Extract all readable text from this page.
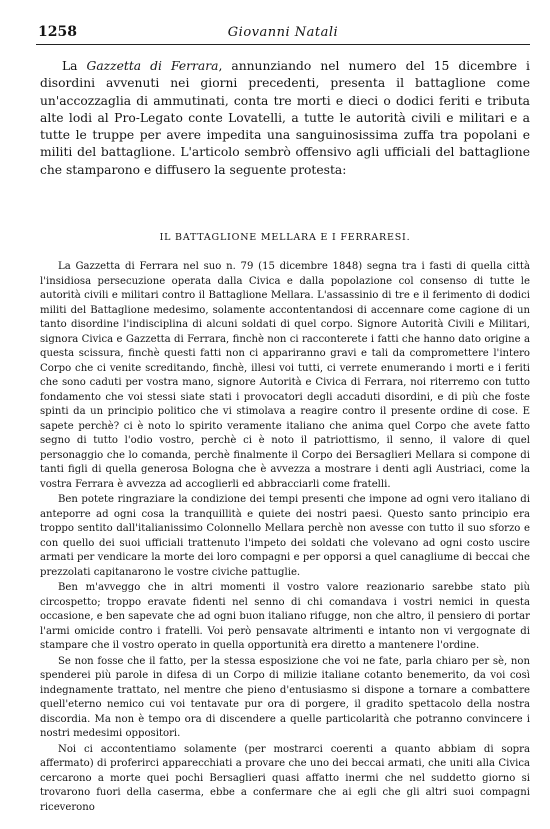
1258	Giovanni Natali

La Gazzetta di Ferrara, annunziando nel numero del 15 dicembre i disordini avvenuti nei giorni precedenti, presenta il battaglione come un'accozzaglia di ammutinati, conta tre morti e dieci o dodici feriti e tributa alte lodi al Pro-Legato conte Lovatelli, a tutte le autorità civili e militari e a tutte le truppe per avere impedita una sanguinosissima zuffa tra popolani e militi del battaglione. L'articolo sembrò offensivo agli ufficiali del battaglione che stamparono e diffusero la seguente protesta:

IL BATTAGLIONE MELLARA E I FERRARESI.

La Gazzetta di Ferrara nel suo n. 79 (15 dicembre 1848) segna tra i fasti di quella città l'insidiosa persecuzione operata dalla Civica e dalla popolazione col consenso di tutte le autorità civili e militari contro il Battaglione Mellara. L'assassinio di tre e il ferimento di dodici militi del Battaglione medesimo, solamente accontentandosi di accennare come cagione di un tanto disordine l'indisciplina di alcuni soldati di quel corpo. Signore Autorità Civili e Militari, signora Civica e Gazzetta di Ferrara, finchè non ci racconterete i fatti che hanno dato origine a questa scissura, finchè questi fatti non ci appariranno gravi e tali da compromettere l'intero Corpo che ci venite screditando, finchè, illesi voi tutti, ci verrete enumerando i morti e i feriti che sono caduti per vostra mano, signore Autorità e Civica di Ferrara, noi riterremo con tutto fondamento che voi stessi siate stati i provocatori degli accaduti disordini, e di più che foste spinti da un principio politico che vi stimolava a reagire contro il presente ordine di cose. E sapete perchè? ci è noto lo spirito veramente italiano che anima quel Corpo che avete fatto segno di tutto l'odio vostro, perchè ci è noto il patriottismo, il senno, il valore di quel personaggio che lo comanda, perchè finalmente il Corpo dei Bersaglieri Mellara si compone di tanti figli di quella generosa Bologna che è avvezza a mostrare i denti agli Austriaci, come la vostra Ferrara è avvezza ad accoglierli ed abbracciarli come fratelli.

Ben potete ringraziare la condizione dei tempi presenti che impone ad ogni vero italiano di anteporre ad ogni cosa la tranquillità e quiete dei nostri paesi. Questo santo principio era troppo sentito dall'italianissimo Colonnello Mellara perchè non avesse con tutto il suo sforzo e con quello dei suoi ufficiali trattenuto l'impeto dei soldati che volevano ad ogni costo uscire armati per vendicare la morte dei loro compagni e per opporsi a quel canagliume di beccai che prezzolati capitanarono le vostre civiche pattuglie.

Ben m'avveggo che in altri momenti il vostro valore reazionario sarebbe stato più circospetto; troppo eravate fidenti nel senno di chi comandava i vostri nemici in questa occasione, e ben sapevate che ad ogni buon italiano rifugge, non che altro, il pensiero di portar l'armi omicide contro i fratelli. Voi però pensavate altrimenti e intanto non vi vergognate di stampare che il vostro operato in quella opportunità era diretto a mantenere l'ordine.

Se non fosse che il fatto, per la stessa esposizione che voi ne fate, parla chiaro per sè, non spenderei più parole in difesa di un Corpo di milizie italiane cotanto benemerito, da voi così indegnamente trattato, nel mentre che pieno d'entusiasmo si dispone a tornare a combattere quell'eterno nemico cui voi tentavate pur ora di porgere, il gradito spettacolo della nostra discordia. Ma non è tempo ora di discendere a quelle particolarità che potranno convincere i nostri medesimi oppositori.

Noi ci accontentiamo solamente (per mostrarci coerenti a quanto abbiam di sopra affermato) di proferirci apparecchiati a provare che uno dei beccai armati, che uniti alla Civica cercarono a morte quei pochi Bersaglieri quasi affatto inermi che nel suddetto giorno si trovarono fuori della caserma, ebbe a confermare che ai egli che gli altri suoi compagni riceverono
